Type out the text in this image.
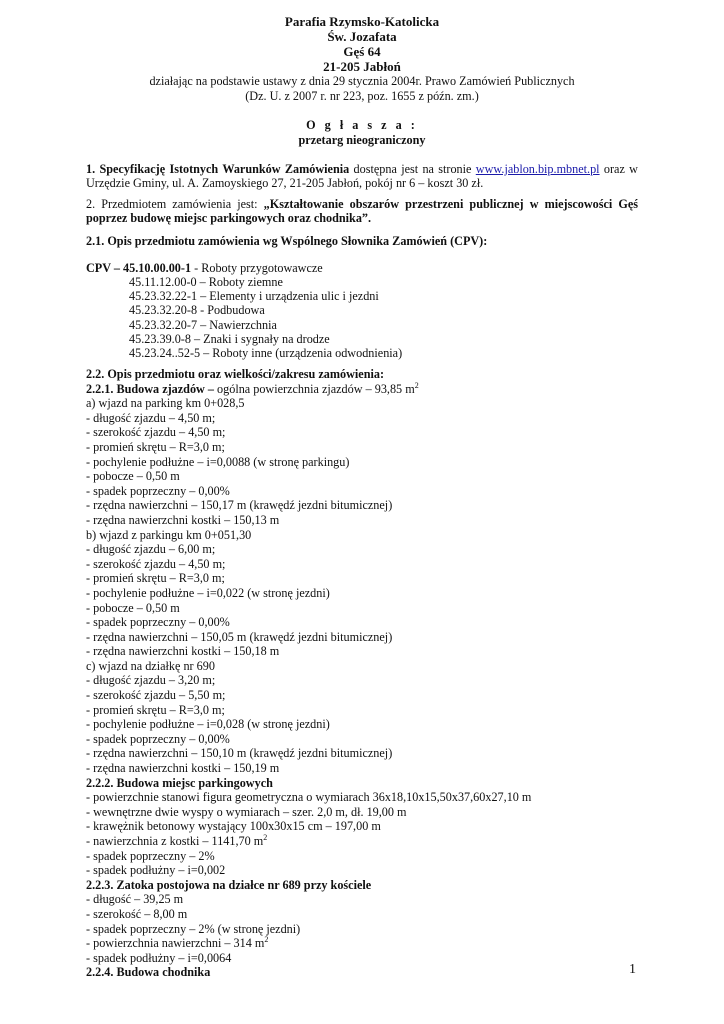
Parafia Rzymsko-Katolicka
Św. Jozafata
Gęś 64
21-205 Jabłoń
działając na podstawie ustawy z dnia 29 stycznia 2004r. Prawo Zamówień Publicznych
(Dz. U. z 2007 r. nr 223, poz. 1655 z późn. zm.)
O g ł a s z a :
przetarg nieograniczony
1. Specyfikację Istotnych Warunków Zamówienia dostępna jest na stronie www.jablon.bip.mbnet.pl oraz w Urzędzie Gminy, ul. A. Zamoyskiego 27, 21-205 Jabłoń, pokój nr 6 – koszt 30 zł.
2. Przedmiotem zamówienia jest: „Kształtowanie obszarów przestrzeni publicznej w miejscowości Gęś poprzez budowę miejsc parkingowych oraz chodnika”.
2.1. Opis przedmiotu zamówienia wg Wspólnego Słownika Zamówień (CPV):
CPV – 45.10.00.00-1 - Roboty przygotowawcze
45.11.12.00-0 – Roboty ziemne
45.23.32.22-1 – Elementy i urządzenia ulic i jezdni
45.23.32.20-8 - Podbudowa
45.23.32.20-7 – Nawierzchnia
45.23.39.0-8 – Znaki i sygnały na drodze
45.23.24..52-5 – Roboty inne (urządzenia odwodnienia)
2.2. Opis przedmiotu oraz wielkości/zakresu zamówienia:
2.2.1. Budowa zjazdów – ogólna powierzchnia zjazdów – 93,85 $m^2$
a) wjazd na parking km 0+028,5
- długość zjazdu – 4,50 m;
- szerokość zjazdu – 4,50 m;
- promień skrętu – R=3,0 m;
- pochylenie podłużne – i=0,0088 (w stronę parkingu)
- pobocze – 0,50 m
- spadek poprzeczny – 0,00%
- rzędna nawierzchni – 150,17 m (krawędź jezdni bitumicznej)
- rzędna nawierzchni kostki – 150,13 m
b) wjazd z parkingu km 0+051,30
- długość zjazdu – 6,00 m;
- szerokość zjazdu – 4,50 m;
- promień skrętu – R=3,0 m;
- pochylenie podłużne – i=0,022 (w stronę jezdni)
- pobocze – 0,50 m
- spadek poprzeczny – 0,00%
- rzędna nawierzchni – 150,05 m (krawędź jezdni bitumicznej)
- rzędna nawierzchni kostki – 150,18 m
c) wjazd na działkę nr 690
- długość zjazdu – 3,20 m;
- szerokość zjazdu – 5,50 m;
- promień skrętu – R=3,0 m;
- pochylenie podłużne – i=0,028 (w stronę jezdni)
- spadek poprzeczny – 0,00%
- rzędna nawierzchni – 150,10 m (krawędź jezdni bitumicznej)
- rzędna nawierzchni kostki – 150,19 m
2.2.2. Budowa miejsc parkingowych
- powierzchnie stanowi figura geometryczna o wymiarach 36x18,10x15,50x37,60x27,10 m
- wewnętrzne dwie wyspy o wymiarach – szer. 2,0 m, dł. 19,00 m
- krawężnik betonowy wystający 100x30x15 cm – 197,00 m
- nawierzchnia z kostki – 1141,70 $m^2$
- spadek poprzeczny – 2%
- spadek podłużny – i=0,002
2.2.3. Zatoka postojowa na działce nr 689 przy kościele
- długość – 39,25 m
- szerokość – 8,00 m
- spadek poprzeczny – 2% (w stronę jezdni)
- powierzchnia nawierzchni – 314 $m^2$
- spadek podłużny – i=0,0064
2.2.4. Budowa chodnika	1
